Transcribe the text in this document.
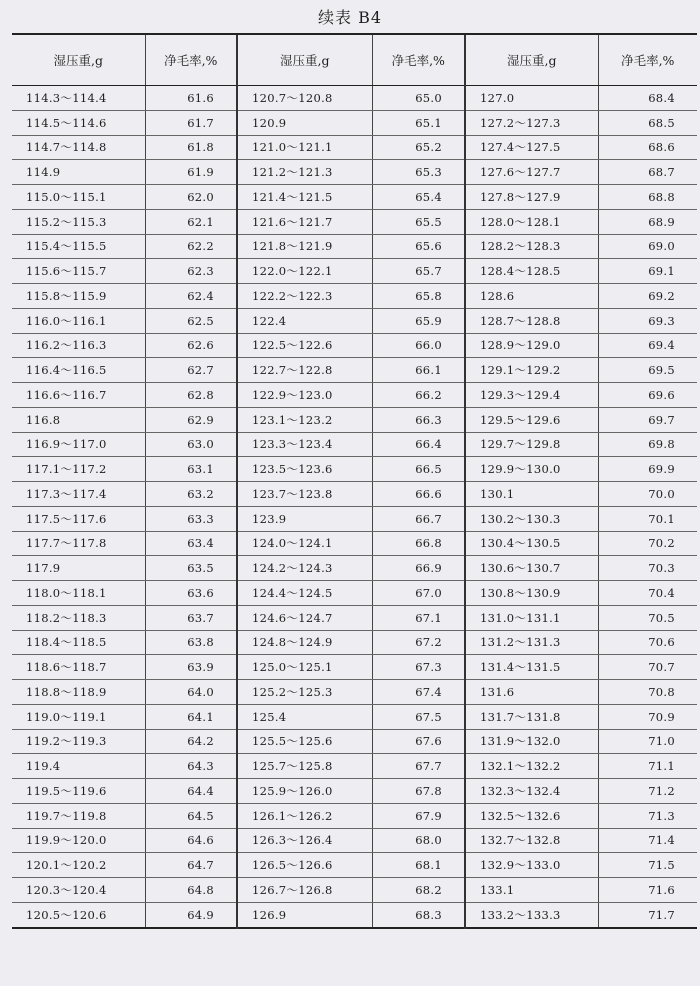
续表 B4
湿压重,g	净毛率,%	湿压重,g	净毛率,%	湿压重,g	净毛率,%
114.3～114.4	61.6	120.7～120.8	65.0	127.0	68.4
114.5～114.6	61.7	120.9	65.1	127.2～127.3	68.5
114.7～114.8	61.8	121.0～121.1	65.2	127.4～127.5	68.6
114.9	61.9	121.2～121.3	65.3	127.6～127.7	68.7
115.0～115.1	62.0	121.4～121.5	65.4	127.8～127.9	68.8
115.2～115.3	62.1	121.6～121.7	65.5	128.0～128.1	68.9
115.4～115.5	62.2	121.8～121.9	65.6	128.2～128.3	69.0
115.6～115.7	62.3	122.0～122.1	65.7	128.4～128.5	69.1
115.8～115.9	62.4	122.2～122.3	65.8	128.6	69.2
116.0～116.1	62.5	122.4	65.9	128.7～128.8	69.3
116.2～116.3	62.6	122.5～122.6	66.0	128.9～129.0	69.4
116.4～116.5	62.7	122.7～122.8	66.1	129.1～129.2	69.5
116.6～116.7	62.8	122.9～123.0	66.2	129.3～129.4	69.6
116.8	62.9	123.1～123.2	66.3	129.5～129.6	69.7
116.9～117.0	63.0	123.3～123.4	66.4	129.7～129.8	69.8
117.1～117.2	63.1	123.5～123.6	66.5	129.9～130.0	69.9
117.3～117.4	63.2	123.7～123.8	66.6	130.1	70.0
117.5～117.6	63.3	123.9	66.7	130.2～130.3	70.1
117.7～117.8	63.4	124.0～124.1	66.8	130.4～130.5	70.2
117.9	63.5	124.2～124.3	66.9	130.6～130.7	70.3
118.0～118.1	63.6	124.4～124.5	67.0	130.8～130.9	70.4
118.2～118.3	63.7	124.6～124.7	67.1	131.0～131.1	70.5
118.4～118.5	63.8	124.8～124.9	67.2	131.2～131.3	70.6
118.6～118.7	63.9	125.0～125.1	67.3	131.4～131.5	70.7
118.8～118.9	64.0	125.2～125.3	67.4	131.6	70.8
119.0～119.1	64.1	125.4	67.5	131.7～131.8	70.9
119.2～119.3	64.2	125.5～125.6	67.6	131.9～132.0	71.0
119.4	64.3	125.7～125.8	67.7	132.1～132.2	71.1
119.5～119.6	64.4	125.9～126.0	67.8	132.3～132.4	71.2
119.7～119.8	64.5	126.1～126.2	67.9	132.5～132.6	71.3
119.9～120.0	64.6	126.3～126.4	68.0	132.7～132.8	71.4
120.1～120.2	64.7	126.5～126.6	68.1	132.9～133.0	71.5
120.3～120.4	64.8	126.7～126.8	68.2	133.1	71.6
120.5～120.6	64.9	126.9	68.3	133.2～133.3	71.7
